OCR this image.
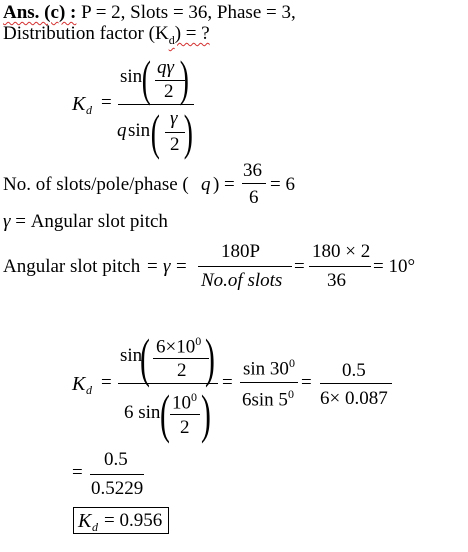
Ans. (c) : P = 2, Slots = 36, Phase = 3,
Distribution factor $(K_d)$ = ?
K d =
sin ( qγ
2 )
q sin ( γ
2 )
No. of slots/pole/phase ( q ) =
36
6
= 6
γ = Angular slot pitch
Angular slot pitch = γ =
180P
No.of slots
=
180 × 2
36
= 10°
K d =
sin
( $6\times 10^0$
2 )
6 sin ( $10^0$
2 )
=
$\sin 30^0$
6sin $5^0$
=
0.5
6× 0.087
=
0.5
0.5229
K d = 0.956
